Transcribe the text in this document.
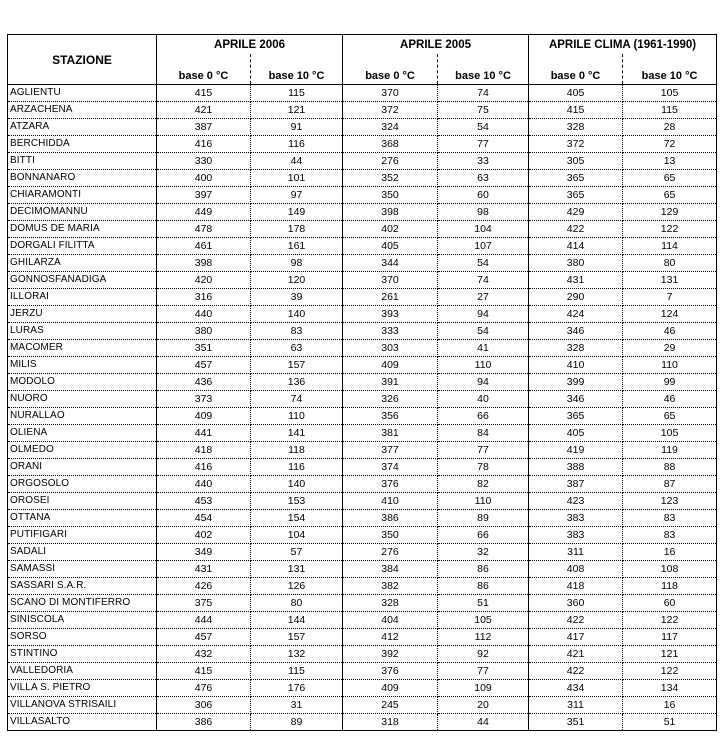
STAZIONE	APRILE 2006		APRILE 2005		APRILE CLIMA (1961-1990)	
	base 0 °C	base 10 °C	base 0 °C	base 10 °C	base 0 °C	base 10 °C
AGLIENTU	415	115	370	74	405	105
ARZACHENA	421	121	372	75	415	115
ATZARA	387	91	324	54	328	28
BERCHIDDA	416	116	368	77	372	72
BITTI	330	44	276	33	305	13
BONNANARO	400	101	352	63	365	65
CHIARAMONTI	397	97	350	60	365	65
DECIMOMANNU	449	149	398	98	429	129
DOMUS DE MARIA	478	178	402	104	422	122
DORGALI FILITTA	461	161	405	107	414	114
GHILARZA	398	98	344	54	380	80
GONNOSFANADIGA	420	120	370	74	431	131
ILLORAI	316	39	261	27	290	7
JERZU	440	140	393	94	424	124
LURAS	380	83	333	54	346	46
MACOMER	351	63	303	41	328	29
MILIS	457	157	409	110	410	110
MODOLO	436	136	391	94	399	99
NUORO	373	74	326	40	346	46
NURALLAO	409	110	356	66	365	65
OLIENA	441	141	381	84	405	105
OLMEDO	418	118	377	77	419	119
ORANI	416	116	374	78	388	88
ORGOSOLO	440	140	376	82	387	87
OROSEI	453	153	410	110	423	123
OTTANA	454	154	386	89	383	83
PUTIFIGARI	402	104	350	66	383	83
SADALI	349	57	276	32	311	16
SAMASSI	431	131	384	86	408	108
SASSARI S.A.R.	426	126	382	86	418	118
SCANO DI MONTIFERRO	375	80	328	51	360	60
SINISCOLA	444	144	404	105	422	122
SORSO	457	157	412	112	417	117
STINTINO	432	132	392	92	421	121
VALLEDORIA	415	115	376	77	422	122
VILLA S. PIETRO	476	176	409	109	434	134
VILLANOVA STRISAILI	306	31	245	20	311	16
VILLASALTO	386	89	318	44	351	51
